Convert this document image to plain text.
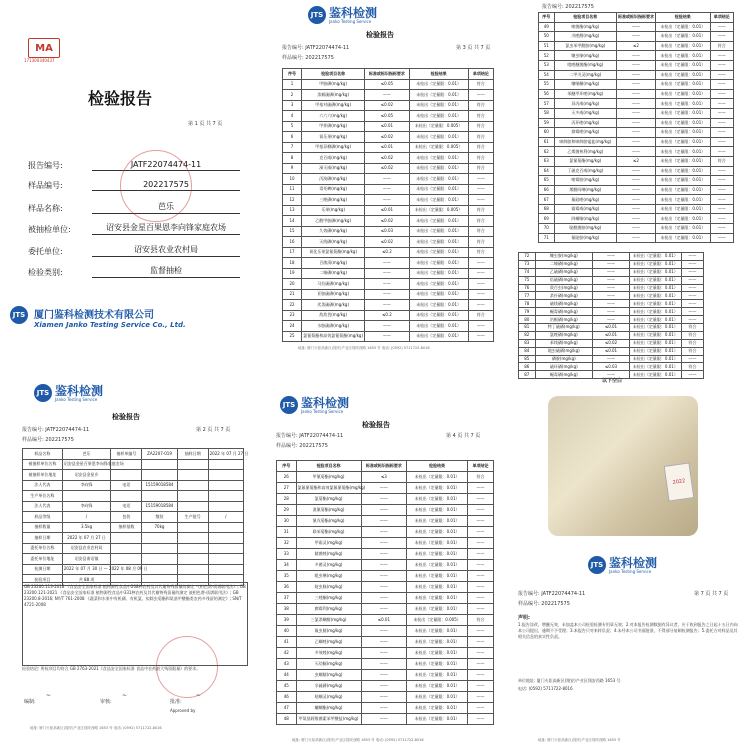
MA
171300340437
检验报告
第 1 页 共 7 页
报告编号:	JATF22074474-11
样品编号:	202217575
样品名称:	芭乐
被抽检单位:	诏安县金星百果恩李向锋家庭农场
委托单位:	诏安县农业农村局
检验类别:	监督抽检
JTS 厦门鉴科检测技术有限公司
Xiamen Janko Testing Service Co., Ltd.
JTS 鉴科检测
Janko Testing Service
检验报告
报告编号: JATF22074474-11	第 3 页 共 7 页
样品编号: 202217575
序号	检验项目名称	标准或标识指标要求	检验结果	单项结论
1	甲胺磷(mg/kg)	≤0.05	未检出（定量限：0.01）	符合
2	杀螟硫磷(mg/kg)	——	未检出（定量限：0.01）	——
3	甲基对硫磷(mg/kg)	≤0.02	未检出（定量限：0.01）	符合
4	六六六(mg/kg)	≤0.05	未检出（定量限：0.01）	符合
5	甲拌磷(mg/kg)	≤0.01	未检出（定量限：0.005）	符合
6	氧乐果(mg/kg)	≤0.02	未检出（定量限：0.01）	符合
7	甲基异柳磷(mg/kg)	≤0.01	未检出（定量限：0.005）	符合
8	克百威(mg/kg)	≤0.02	未检出（定量限：0.01）	符合
9	涕灭威(mg/kg)	≤0.02	未检出（定量限：0.01）	符合
10	丙溴磷(mg/kg)	——	未检出（定量限：0.01）	——
11	毒死蜱(mg/kg)	——	未检出（定量限：0.01）	——
12	三唑磷(mg/kg)	——	未检出（定量限：0.01）	——
13	乐果(mg/kg)	≤0.01	未检出（定量限：0.005）	符合
14	乙酰甲胺磷(mg/kg)	≤0.02	未检出（定量限：0.01）	符合
15	久效磷(mg/kg)	≤0.03	未检出（定量限：0.01）	符合
16	灭线磷(mg/kg)	≤0.02	未检出（定量限：0.01）	符合
17	氧化乐果氯氰菊酯(mg/kg)	≤0.2	未检出（定量限：0.01）	符合
18	百菌清(mg/kg)	——	未检出（定量限：0.01）	——
19	二嗪磷(mg/kg)	——	未检出（定量限：0.01）	——
20	马拉硫磷(mg/kg)	——	未检出（定量限：0.01）	——
21	亚胺硫磷(mg/kg)	——	未检出（定量限：0.01）	——
22	伏杀硫磷(mg/kg)	——	未检出（定量限：0.01）	——
23	敌敌畏(mg/kg)	≤0.2	未检出（定量限：0.01）	符合
24	水胺硫磷(mg/kg)	——	未检出（定量限：0.01）	——
25	氯氰菊酯和高效氯氰菊酯(mg/kg)	——	未检出（定量限：0.01）	——
地址: 厦门火炬高新区(翔安)产业区翔安西路 1653 号 电话: (0592) 5711722-8016
报告编号: 202217575
序号	检验项目名称	标准或标识指标要求	检验结果	单项结论
49	嘧菌酯(mg/kg)	——	未检出（定量限：0.01）	——
50	戊唑醇(mg/kg)	——	未检出（定量限：0.01）	——
51	氯虫苯甲酰胺(mg/kg)	≤2	未检出（定量限：0.01）	符合
52	噻虫嗪(mg/kg)	——	未检出（定量限：0.01）	——
53	吡唑醚菌酯(mg/kg)	——	未检出（定量限：0.01）	——
54	二甲戊灵(mg/kg)	——	未检出（定量限：0.01）	——
55	噻嗪酮(mg/kg)	——	未检出（定量限：0.01）	——
56	苯醚甲环唑(mg/kg)	——	未检出（定量限：0.01）	——
57	异丙威(mg/kg)	——	未检出（定量限：0.01）	——
58	灭多威(mg/kg)	——	未检出（定量限：0.01）	——
59	丙环唑(mg/kg)	——	未检出（定量限：0.01）	——
60	抑霉唑(mg/kg)	——	未检出（定量限：0.01）	——
61	咪鲜胺和咪鲜胺锰盐(mg/kg)	——	未检出（定量限：0.01）	——
62	乙烯菌核利(mg/kg)	——	未检出（定量限：0.01）	——
63	氯氰菊酯(mg/kg)	≤2	未检出（定量限：0.01）	符合
64	丁硫克百威(mg/kg)	——	未检出（定量限：0.01）	——
65	嘧霉胺(mg/kg)	——	未检出（定量限：0.01）	——
66	烯酰吗啉(mg/kg)	——	未检出（定量限：0.01）	——
67	氟硅唑(mg/kg)	——	未检出（定量限：0.01）	——
68	霜霉威(mg/kg)	——	未检出（定量限：0.01）	——
69	四螨嗪(mg/kg)	——	未检出（定量限：0.01）	——
70	啶酰菌胺(mg/kg)	——	未检出（定量限：0.01）	——
71	氟啶胺(mg/kg)	——	未检出（定量限：0.01）	——
72	噻虫胺(mg/kg)	——	未检出（定量限：0.01）	——
73	二嗪磷(mg/kg)	——	未检出（定量限：0.01）	——
74	乙硫磷(mg/kg)	——	未检出（定量限：0.01）	——
75	倍硫磷(mg/kg)	——	未检出（定量限：0.01）	——
76	敌百虫(mg/kg)	——	未检出（定量限：0.01）	——
77	杀扑磷(mg/kg)	——	未检出（定量限：0.01）	——
78	硫线磷(mg/kg)	——	未检出（定量限：0.01）	——
79	蝇毒磷(mg/kg)	——	未检出（定量限：0.01）	——
80	治螟磷(mg/kg)	——	未检出（定量限：0.01）	——
81	特丁硫磷(mg/kg)	≤0.01	未检出（定量限：0.01）	符合
82	氯唑磷(mg/kg)	≤0.01	未检出（定量限：0.01）	符合
83	苯线磷(mg/kg)	≤0.02	未检出（定量限：0.01）	符合
84	地虫硫磷(mg/kg)	≤0.01	未检出（定量限：0.01）	符合
85	磷胺(mg/kg)	——	未检出（定量限：0.01）	——
86	硫环磷(mg/kg)	≤0.03	未检出（定量限：0.01）	符合
87	蝇毒磷(mg/kg)	——	未检出（定量限：0.01）	——
以下空白
JTS 鉴科检测
Janko Testing Service
检验报告
报告编号: JATF22074474-11	第 2 页 共 7 页
样品编号: 202217575
样品名称	芭乐	抽样单编号	ZA2207-019	抽样日期	2022 年 07 月 27 日
被抽样单位名称	诏安县金星百果恩李向锋家庭农场				
被抽样单位地址	诏安县金星乡				
法人代表	李向锋	电话	15159018584		
生产单位名称					
法人代表	李向锋	电话	15159018584		
样品等级	/	包装	散装	生产批号	/
抽样数量	3.5kg	抽样基数	70kg		
抽样日期	2022 年 07 月 27 日				
委托单位名称	诏安县农业农村局				
委托单位地址	诏安县南诏镇				
检测日期	2022 年 07 月 30 日 — 2022 年 08 月 09 日				
检验项目	共 88 项				
GB 23200.113-2018 《食品安全国家标准 植物源性食品中208种农药及其代谢物残留量的测定 气相色谱-质谱联用法》; GB 23200.121-2021 《食品安全国家标准 植物源性食品中331种农药及其代谢物残留量的测定 液相色谱-质谱联用法》; GB 23200.8-2016; NY/T 761-2008 《蔬菜和水果中有机磷、有机氯、拟除虫菊酯和氨基甲酸酯类农药多残留的测定》; SN/T 4721-2008
检验结论: 所检项目均符合 GB 2763-2021《食品安全国家标准 食品中农药最大残留限量》的要求。
编制:	审核:	批准:
~	~	~
Approved by
地址: 厦门火炬高新区(翔安)产业区翔安西路 1653 号 电话: (0592) 5711722-8016
JTS 鉴科检测
Janko Testing Service
检验报告
报告编号: JATF22074474-11	第 4 页 共 7 页
样品编号: 202217575
序号	检验项目名称	标准或标识指标要求	检验结果	单项结论
26	甲氰菊酯(mg/kg)	≤3	未检出（定量限：0.01）	符合
27	氯氟氰菊酯和高效氯氟氰菊酯(mg/kg)	——	未检出（定量限：0.01）	——
28	氯菊酯(mg/kg)	——	未检出（定量限：0.01）	——
29	溴氰菊酯(mg/kg)	——	未检出（定量限：0.01）	——
30	氰戊菊酯(mg/kg)	——	未检出（定量限：0.01）	——
31	联苯菊酯(mg/kg)	——	未检出（定量限：0.01）	——
32	甲霜灵(mg/kg)	——	未检出（定量限：0.01）	——
33	腈菌唑(mg/kg)	——	未检出（定量限：0.01）	——
34	多菌灵(mg/kg)	——	未检出（定量限：0.01）	——
35	吡虫啉(mg/kg)	——	未检出（定量限：0.01）	——
36	啶虫脒(mg/kg)	——	未检出（定量限：0.01）	——
37	三唑酮(mg/kg)	——	未检出（定量限：0.01）	——
38	腐霉利(mg/kg)	——	未检出（定量限：0.01）	——
39	三氯杀螨醇(mg/kg)	≤0.01	未检出（定量限：0.005）	符合
40	氟虫腈(mg/kg)	——	未检出（定量限：0.01）	——
41	乙螨唑(mg/kg)	——	未检出（定量限：0.01）	——
42	多效唑(mg/kg)	——	未检出（定量限：0.01）	——
43	灭幼脲(mg/kg)	——	未检出（定量限：0.01）	——
44	虫螨腈(mg/kg)	——	未检出（定量限：0.01）	——
45	辛硫磷(mg/kg)	——	未检出（定量限：0.01）	——
46	哒螨灵(mg/kg)	——	未检出（定量限：0.01）	——
47	螺螨酯(mg/kg)	——	未检出（定量限：0.01）	——
48	甲氨基阿维菌素苯甲酸盐(mg/kg)	——	未检出（定量限：0.01）	——
地址: 厦门火炬高新区(翔安)产业区翔安西路 1653 号 电话: (0592) 5711722-8016
2022
JTS 鉴科检测
Janko Testing Service
报告编号: JATF22074474-11	第 7 页 共 7 页
样品编号: 202217575
声明:
1.报告涂改、增删无效，未加盖本公司检验检测专用章无效；2.对本报告检测数据有异议者，应于收到报告之日起十五日内向本公司提出，逾期不予受理；3.本报告只对来样负责；4.未经本公司书面批准，不得部分复制检测报告；5.委托方对样品及其相关信息的真实性负责。
单位地址: 厦门火炬高新区(翔安)产业区翔安西路 1653 号
电话: (0592) 5711722-8016
地址: 厦门火炬高新区(翔安)产业区翔安西路 1653 号
